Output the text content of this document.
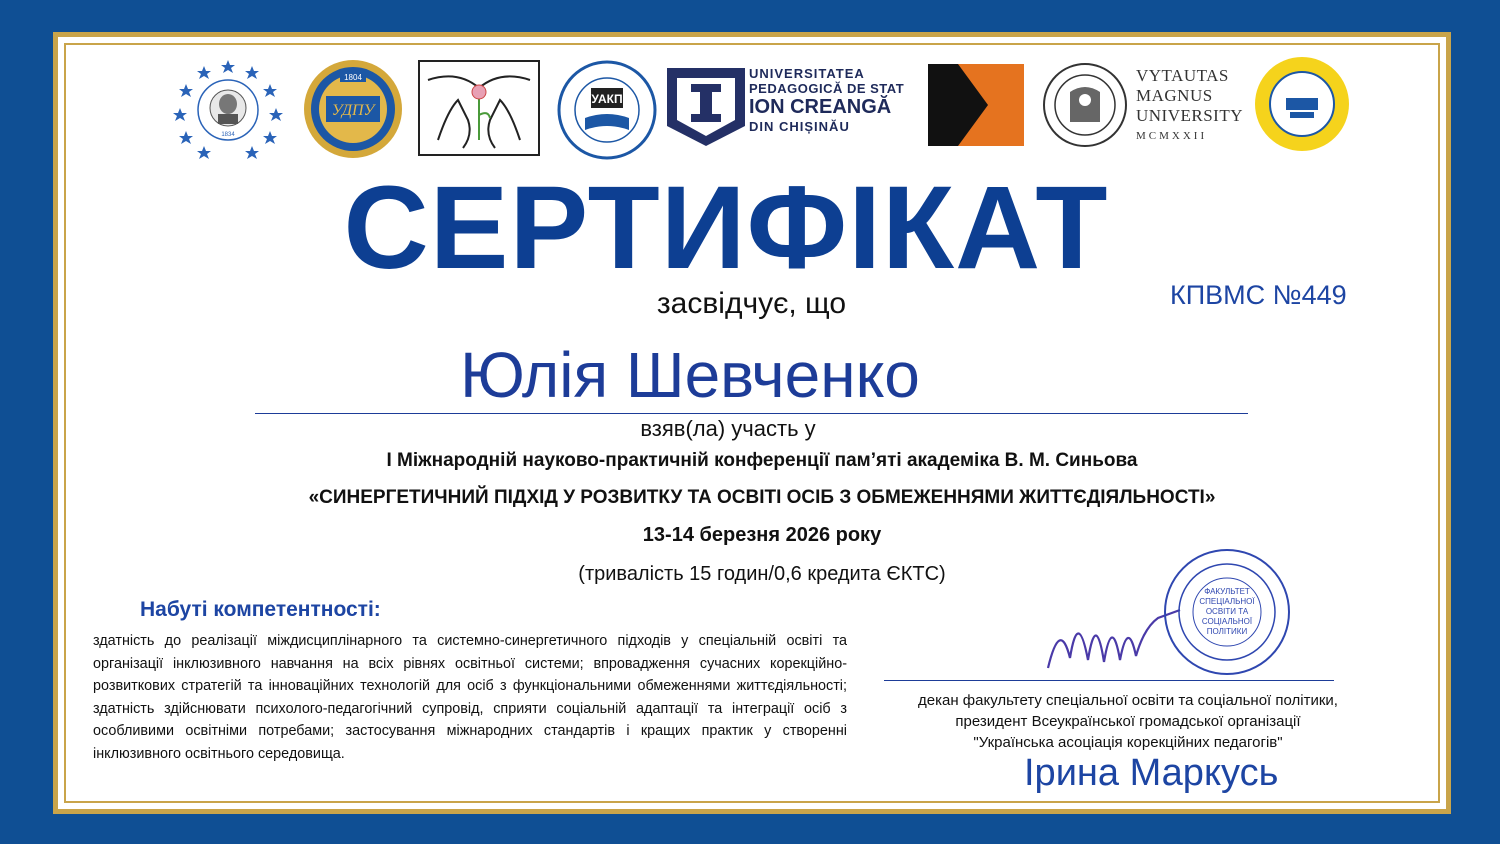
1834
УДПУ
1804
УАКП
UNIVERSITATEA
PEDAGOGICĂ DE STAT
ION CREANGĂ
DIN CHIȘINĂU
VYTAUTAS
MAGNUS
UNIVERSITY
MCMXXII
СЕРТИФІКАТ
КПВМС №449
засвідчує, що
Юлія Шевченко
взяв(ла) участь у
І Міжнародній науково-практичній конференції пам’яті академіка В. М. Синьова
«СИНЕРГЕТИЧНИЙ ПІДХІД У РОЗВИТКУ ТА ОСВІТІ ОСІБ З ОБМЕЖЕННЯМИ ЖИТТЄДІЯЛЬНОСТІ»
13-14 березня 2026 року
(тривалість 15 годин/0,6 кредита ЄКТС)
Набуті компетентності:
здатність до реалізації міждисциплінарного та системно-синергетичного підходів у спеціальній освіті та організації інклюзивного навчання на всіх рівнях освітньої системи; впровадження сучасних корекційно-розвиткових стратегій та інноваційних технологій для осіб з функціональними обмеженнями життєдіяльності; здатність здійснювати психолого-педагогічний супровід, сприяти соціальній адаптації та інтеграції осіб з особливими освітніми потребами; застосування міжнародних стандартів і кращих практик у створенні інклюзивного освітнього середовища.
ФАКУЛЬТЕТ
СПЕЦІАЛЬНОЇ
ОСВІТИ ТА
СОЦІАЛЬНОЇ
ПОЛІТИКИ
декан факультету спеціальної освіти та соціальної політики,
президент Всеукраїнської громадської організації
"Українська асоціація корекційних педагогів"
Ірина Маркусь
